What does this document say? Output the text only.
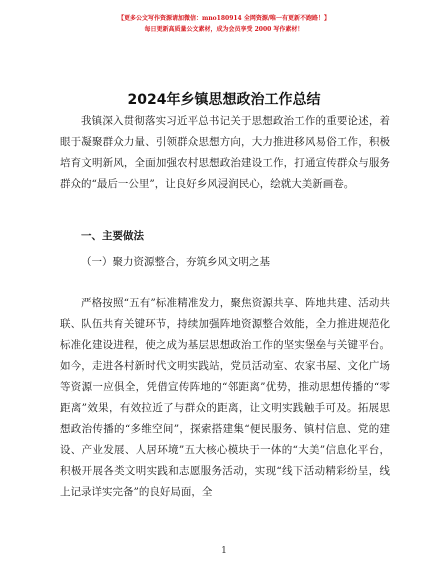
【更多公文写作资源请加微信：mno180914 全网资源/唯一有更新不跑路！】
每日更新高质量公文素材，成为会员享受 2000 写作素材！
2024年乡镇思想政治工作总结

我镇深入贯彻落实习近平总书记关于思想政治工作的重要论述，着眼于凝聚群众力量、引领群众思想方向，大力推进移风易俗工作，积极培育文明新风，全面加强农村思想政治建设工作，打通宣传群众与服务群众的“最后一公里”，让良好乡风浸润民心，绘就大美新画卷。

一、主要做法
（一）聚力资源整合，夯筑乡风文明之基

严格按照“五有”标准精准发力，聚焦资源共享、阵地共建、活动共联、队伍共育关键环节，持续加强阵地资源整合效能，全力推进规范化标准化建设进程，使之成为基层思想政治工作的坚实堡垒与关键平台。如今，走进各村新时代文明实践站，党员活动室、农家书屋、文化广场等资源一应俱全，凭借宣传阵地的“邻距离”优势，推动思想传播的“零距离”效果，有效拉近了与群众的距离，让文明实践触手可及。拓展思想政治传播的“多维空间”，探索搭建集“便民服务、镇村信息、党的建设、产业发展、人居环境”五大核心模块于一体的“大美”信息化平台，积极开展各类文明实践和志愿服务活动，实现“线下活动精彩纷呈，线上记录详实完备”的良好局面，全

1
